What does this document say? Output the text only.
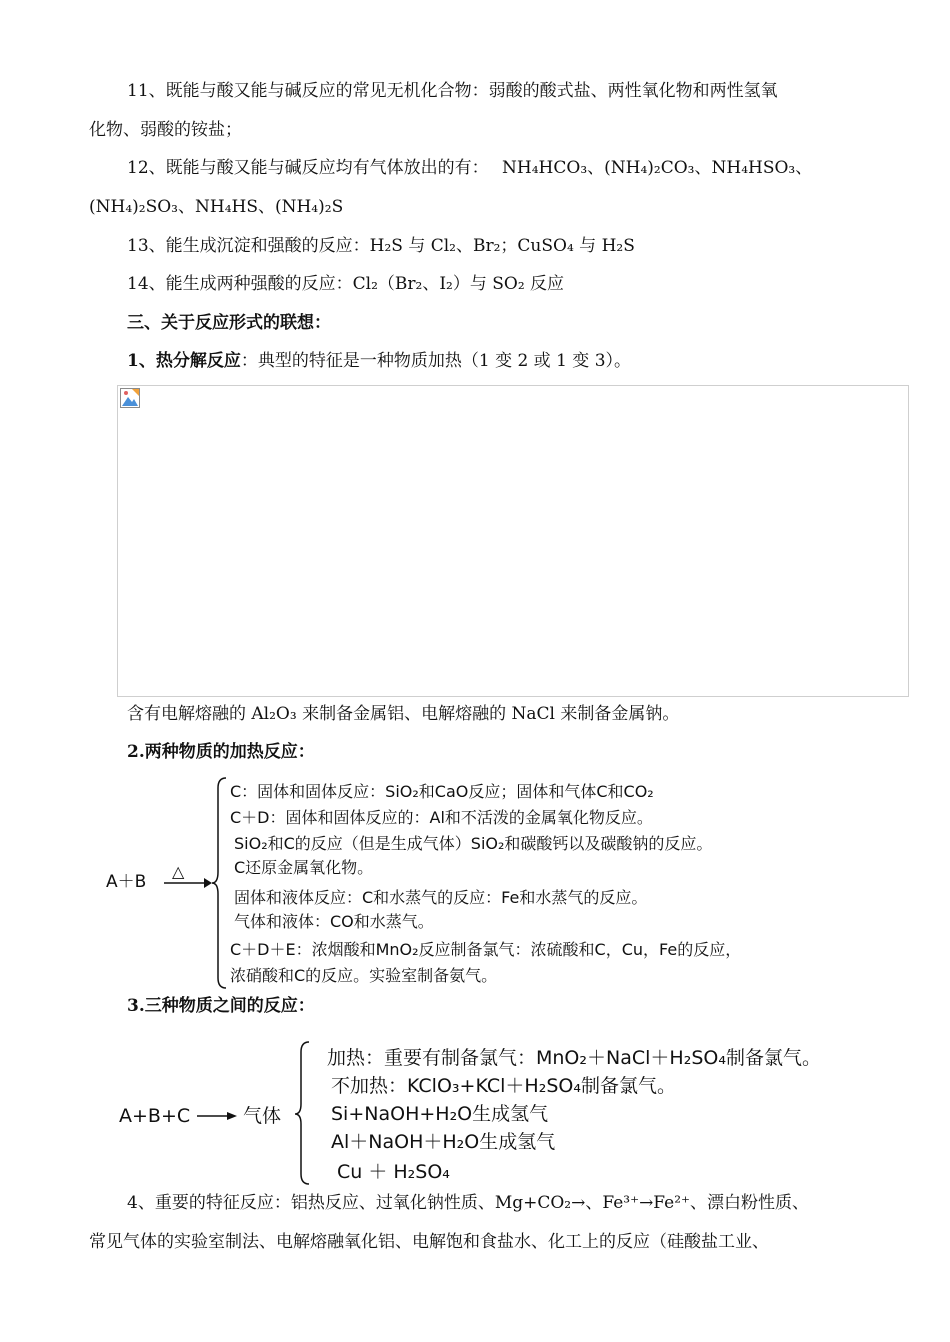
11、既能与酸又能与碱反应的常见无机化合物：弱酸的酸式盐、两性氧化物和两性氢氧
化物、弱酸的铵盐；
12、既能与酸又能与碱反应均有气体放出的有： NH₄HCO₃、(NH₄)₂CO₃、NH₄HSO₃、
(NH₄)₂SO₃、NH₄HS、(NH₄)₂S
13、能生成沉淀和强酸的反应：H₂S 与 Cl₂、Br₂；CuSO₄ 与 H₂S
14、能生成两种强酸的反应：Cl₂（Br₂、I₂）与 SO₂ 反应
三、关于反应形式的联想：
1、热分解反应：典型的特征是一种物质加热（1 变 2 或 1 变 3）。
含有电解熔融的 Al₂O₃ 来制备金属铝、电解熔融的 NaCl 来制备金属钠。
2.两种物质的加热反应：
A＋B
△
C：固体和固体反应：SiO₂和CaO反应；固体和气体C和CO₂
C＋D：固体和固体反应的：Al和不活泼的金属氧化物反应。
SiO₂和C的反应（但是生成气体）SiO₂和碳酸钙以及碳酸钠的反应。
C还原金属氧化物。
固体和液体反应：C和水蒸气的反应：Fe和水蒸气的反应。
气体和液体：CO和水蒸气。
C＋D＋E：浓烟酸和MnO₂反应制备氯气：浓硫酸和C，Cu，Fe的反应，
浓硝酸和C的反应。实验室制备氨气。
3.三种物质之间的反应：
A+B+C	气体
加热：重要有制备氯气：MnO₂＋NaCl＋H₂SO₄制备氯气。
不加热：KClO₃+KCl＋H₂SO₄制备氯气。
Si+NaOH+H₂O生成氢气
Al＋NaOH＋H₂O生成氢气
Cu ＋ H₂SO₄
4、重要的特征反应：铝热反应、过氧化钠性质、Mg+CO₂→、Fe³⁺→Fe²⁺、漂白粉性质、
常见气体的实验室制法、电解熔融氧化铝、电解饱和食盐水、化工上的反应（硅酸盐工业、
